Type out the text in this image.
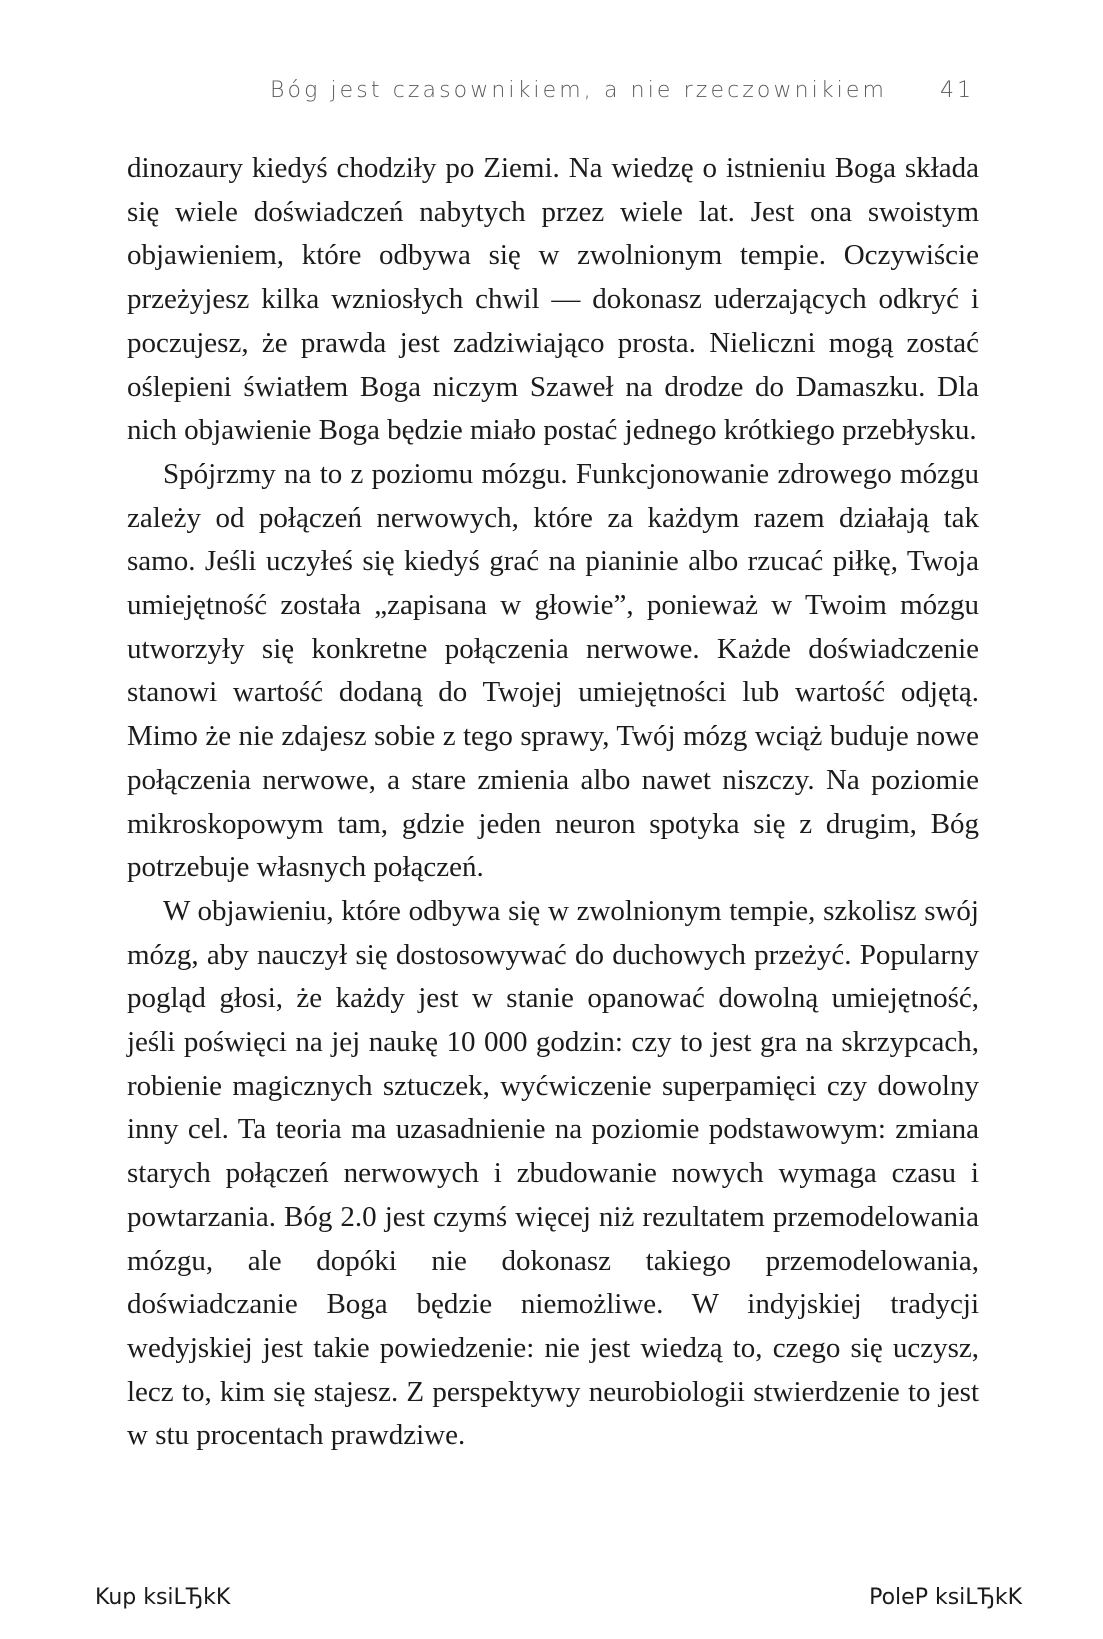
Bóg jest czasownikiem, a nie rzeczownikiem 41

dinozaury kiedyś chodziły po Ziemi. Na wiedzę o istnieniu Boga składa się wiele doświadczeń nabytych przez wiele lat. Jest ona swoistym objawieniem, które odbywa się w zwolnionym tempie. Oczywiście przeżyjesz kilka wzniosłych chwil — dokonasz uderzających odkryć i poczujesz, że prawda jest zadziwiająco prosta. Nieliczni mogą zostać oślepieni światłem Boga niczym Szaweł na drodze do Damaszku. Dla nich objawienie Boga będzie miało postać jednego krótkiego przebłysku.

Spójrzmy na to z poziomu mózgu. Funkcjonowanie zdrowego mózgu zależy od połączeń nerwowych, które za każdym razem działają tak samo. Jeśli uczyłeś się kiedyś grać na pianinie albo rzucać piłkę, Twoja umiejętność została „zapisana w głowie”, ponieważ w Twoim mózgu utworzyły się konkretne połączenia nerwowe. Każde doświadczenie stanowi wartość dodaną do Twojej umiejętności lub wartość odjętą. Mimo że nie zdajesz sobie z tego sprawy, Twój mózg wciąż buduje nowe połączenia nerwowe, a stare zmienia albo nawet niszczy. Na poziomie mikroskopowym tam, gdzie jeden neuron spotyka się z drugim, Bóg potrzebuje własnych połączeń.

W objawieniu, które odbywa się w zwolnionym tempie, szkolisz swój mózg, aby nauczył się dostosowywać do duchowych przeżyć. Popularny pogląd głosi, że każdy jest w stanie opanować dowolną umiejętność, jeśli poświęci na jej naukę 10 000 godzin: czy to jest gra na skrzypcach, robienie magicznych sztuczek, wyćwiczenie superpamięci czy dowolny inny cel. Ta teoria ma uzasadnienie na poziomie podstawowym: zmiana starych połączeń nerwowych i zbudowanie nowych wymaga czasu i powtarzania. Bóg 2.0 jest czymś więcej niż rezultatem przemodelowania mózgu, ale dopóki nie dokonasz takiego przemodelowania, doświadczanie Boga będzie niemożliwe. W indyjskiej tradycji wedyjskiej jest takie powiedzenie: nie jest wiedzą to, czego się uczysz, lecz to, kim się stajesz. Z perspektywy neurobiologii stwierdzenie to jest w stu procentach prawdziwe.

Kup ksiLЂkK	PoleP ksiLЂkK
